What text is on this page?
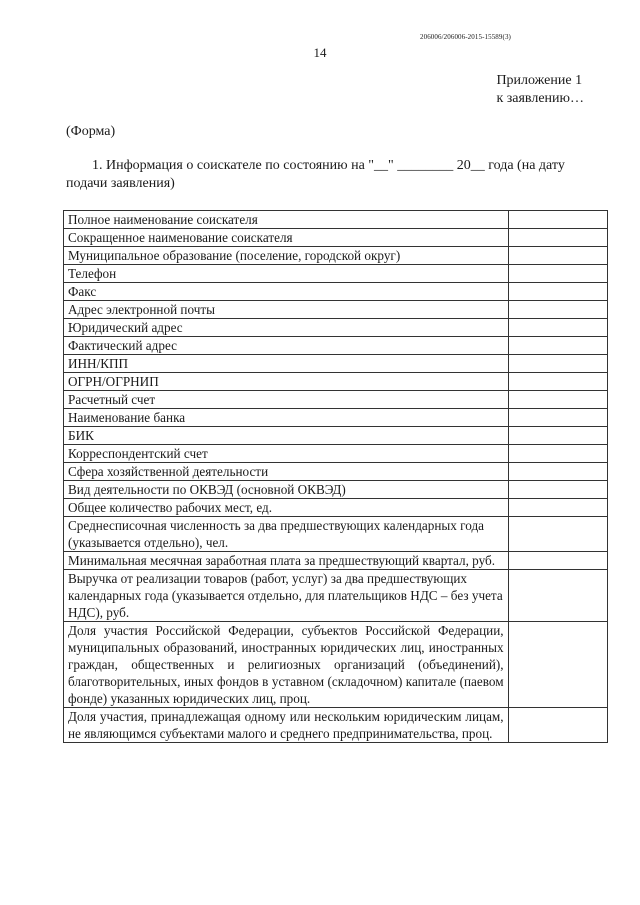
206006/206006-2015-15589(3)
14
Приложение 1
к заявлению…
(Форма)
1. Информация о соискателе по состоянию на "__" ________ 20__ года (на дату подачи заявления)
Полное наименование соискателя	
Сокращенное наименование соискателя	
Муниципальное образование (поселение, городской округ)	
Телефон	
Факс	
Адрес электронной почты	
Юридический адрес	
Фактический адрес	
ИНН/КПП	
ОГРН/ОГРНИП	
Расчетный счет	
Наименование банка	
БИК	
Корреспондентский счет	
Сфера хозяйственной деятельности	
Вид деятельности по ОКВЭД (основной ОКВЭД)	
Общее количество рабочих мест, ед.	
Среднесписочная численность за два предшествующих календарных года (указывается отдельно), чел.	
Минимальная месячная заработная плата за предшествующий квартал, руб.	
Выручка от реализации товаров (работ, услуг) за два предшествующих календарных года (указывается отдельно, для плательщиков НДС – без учета НДС), руб.	
Доля участия Российской Федерации, субъектов Российской Федерации, муниципальных образований, иностранных юридических лиц, иностранных граждан, общественных и религиозных организаций (объединений), благотворительных, иных фондов в уставном (складочном) капитале (паевом фонде) указанных юридических лиц, проц.	
Доля участия, принадлежащая одному или нескольким юридическим лицам, не являющимся субъектами малого и среднего предпринимательства, проц.	
